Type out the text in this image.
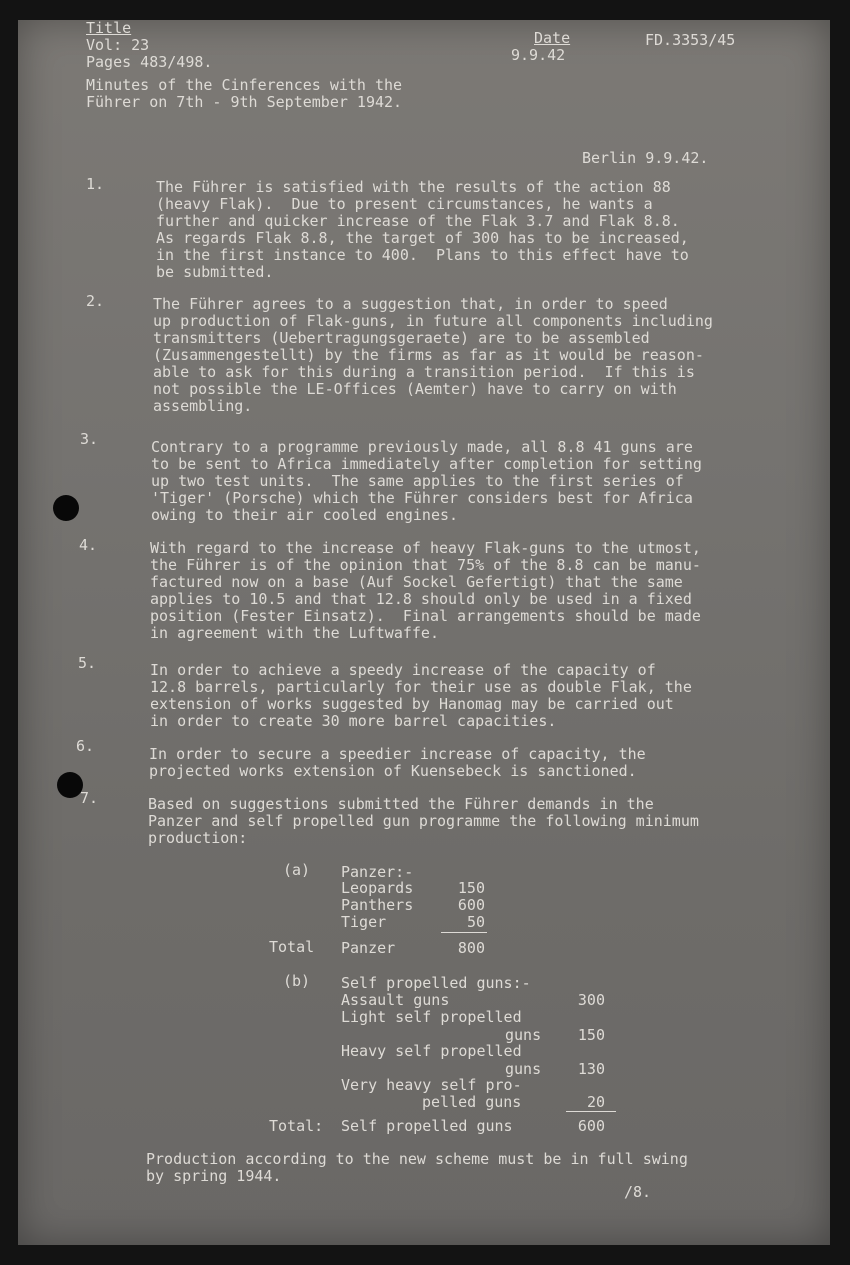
Title
Vol: 23
Pages 483/498.
Minutes of the Cinferences with the
Führer on 7th - 9th September 1942.
Date
9.9.42
FD.3353/45
Berlin 9.9.42.
1.	The Führer is satisfied with the results of the action 88
(heavy Flak).  Due to present circumstances, he wants a
further and quicker increase of the Flak 3.7 and Flak 8.8.
As regards Flak 8.8, the target of 300 has to be increased,
in the first instance to 400.  Plans to this effect have to
be submitted.
2.	The Führer agrees to a suggestion that, in order to speed
up production of Flak-guns, in future all components including
transmitters (Uebertragungsgeraete) are to be assembled
(Zusammengestellt) by the firms as far as it would be reason-
able to ask for this during a transition period.  If this is
not possible the LE-Offices (Aemter) have to carry on with
assembling.
3.	Contrary to a programme previously made, all 8.8 41 guns are
to be sent to Africa immediately after completion for setting
up two test units.  The same applies to the first series of
'Tiger' (Porsche) which the Führer considers best for Africa
owing to their air cooled engines.
4.	With regard to the increase of heavy Flak-guns to the utmost,
the Führer is of the opinion that 75% of the 8.8 can be manu-
factured now on a base (Auf Sockel Gefertigt) that the same
applies to 10.5 and that 12.8 should only be used in a fixed
position (Fester Einsatz).  Final arrangements should be made
in agreement with the Luftwaffe.
5.	In order to achieve a speedy increase of the capacity of
12.8 barrels, particularly for their use as double Flak, the
extension of works suggested by Hanomag may be carried out
in order to create 30 more barrel capacities.
6.	In order to secure a speedier increase of capacity, the
projected works extension of Kuensebeck is sanctioned.
7.	Based on suggestions submitted the Führer demands in the
Panzer and self propelled gun programme the following minimum
production:
(a) Panzer:-
Leopards	150
Panthers	600
Tiger	50
Total Panzer	800
(b) Self propelled guns:-
Assault guns	300
Light self propelled
guns	150
Heavy self propelled
guns	130
Very heavy self pro-
pelled guns	20
Total: Self propelled guns	600
Production according to the new scheme must be in full swing
by spring 1944.
/8.
